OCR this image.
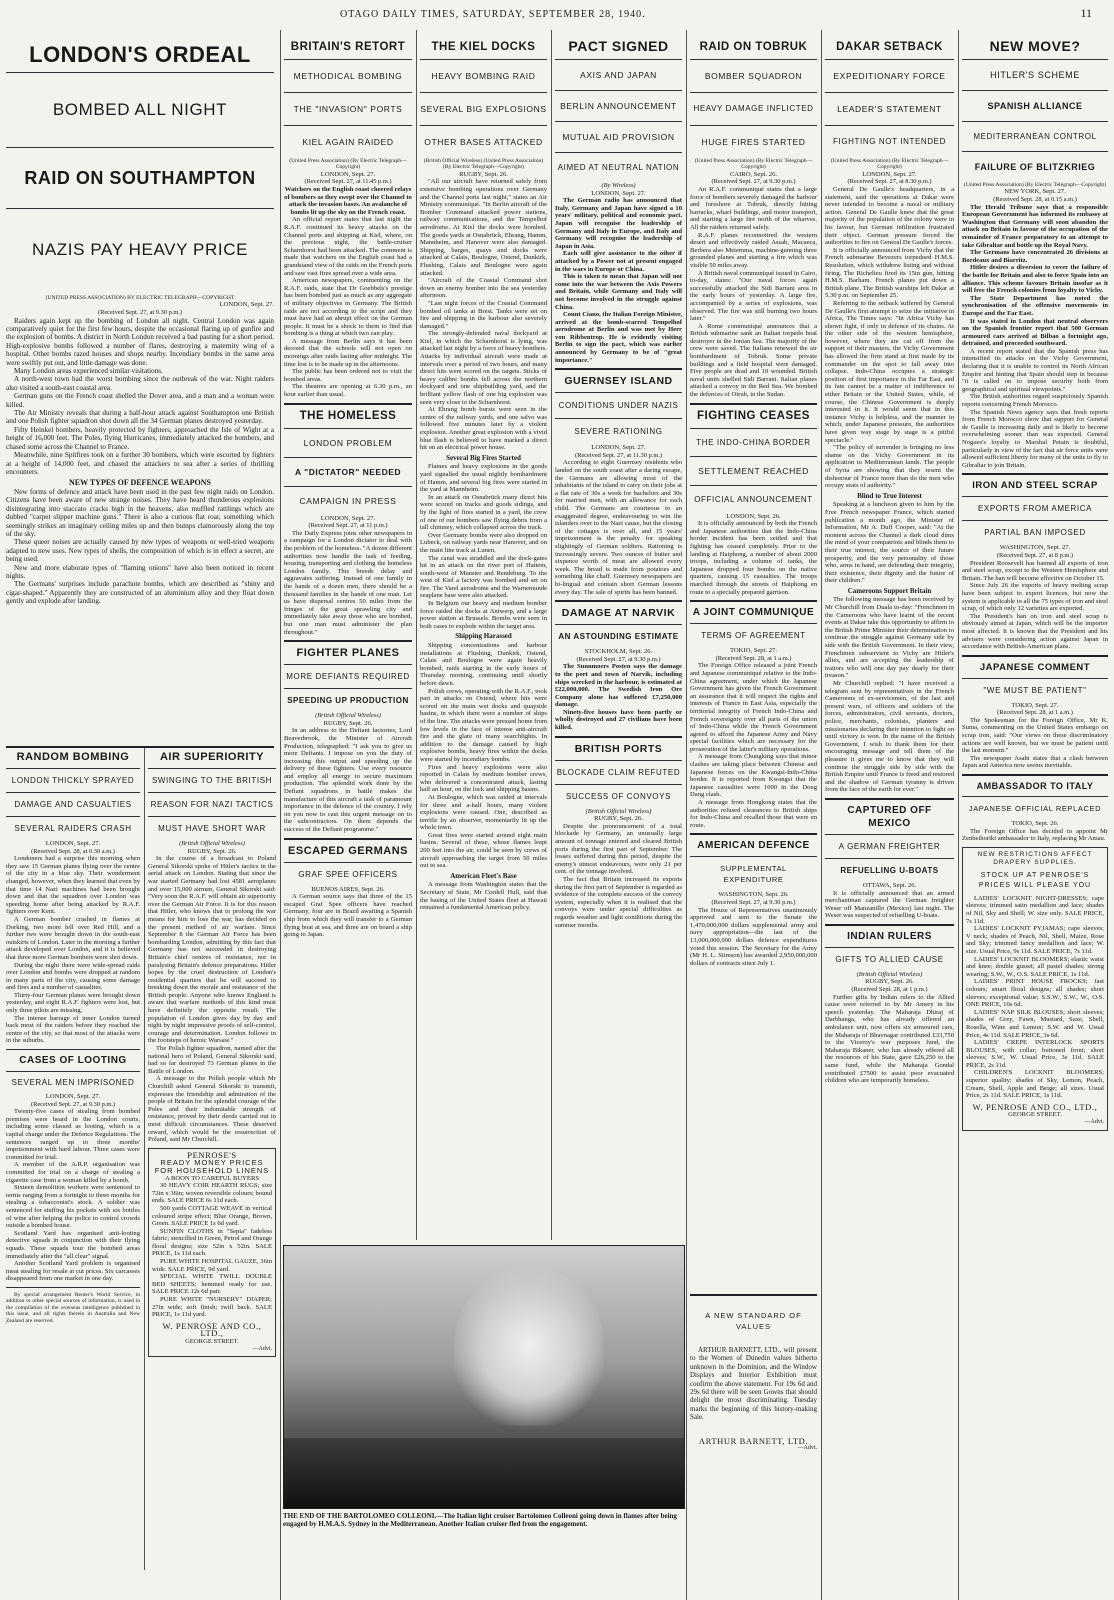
OTAGO DAILY TIMES, SATURDAY, SEPTEMBER 28, 1940.	11
LONDON'S ORDEAL
BOMBED ALL NIGHT
RAID ON SOUTHAMPTON
NAZIS PAY HEAVY PRICE
(UNITED PRESS ASSOCIATION) BY ELECTRIC TELEGRAPH—COPYRIGHT
LONDON, Sept. 27.
(Received Sept. 27, at 9.30 p.m.)

Raiders again kept up the bombing of London all night. Central London was again comparatively quiet for the first few hours, despite the occasional flaring up of gunfire and the explosion of bombs. A district in North London received a bad pasting for a short period. High-explosive bombs followed a number of flares, destroying a maternity wing of a hospital. Other bombs razed houses and shops nearby. Incendiary bombs in the same area were swiftly put out, and little damage was done.

Many London areas experienced similar visitations.

A north-west town had the worst bombing since the outbreak of the war. Night raiders also visited a south-east coastal area.

German guns on the French coast shelled the Dover area, and a man and a woman were killed.

The Air Ministry reveals that during a half-hour attack against Southampton one British and one Polish fighter squadron shot down all the 34 German planes destroyed yesterday.

Fifty Heinkel bombers, heavily protected by fighters, approached the Isle of Wight at a height of 16,000 feet. The Poles, flying Hurricanes, immediately attacked the bombers, and chased some across the Channel to France.

Meanwhile, nine Spitfires took on a further 30 bombers, which were escorted by fighters at a height of 14,000 feet, and chased the attackers to sea after a series of thrilling encounters.

NEW TYPES OF DEFENCE WEAPONS

New forms of defence and attack have been used in the past few night raids on London. Citizens have been aware of new strange noises. They have heard thunderous explosions disintegrating into staccato cracks high in the heavens, also muffled rattlings which are dubbed "carpet slipper machine guns." There is also a curious flat roar, something which seemingly strikes an imaginary ceiling miles up and then bumps clamorously along the top of the sky.

These queer noises are actually caused by new types of weapons or well-tried weapons adapted to new uses. New types of shells, the composition of which is in effect a secret, are being used.

New and more elaborate types of "flaming onions" have also been noticed in recent nights.

The Germans' surprises include parachute bombs, which are described as "shiny and cigar-shaped." Apparently they are constructed of an aluminium alloy and they float down gently and explode after landing.

RANDOM BOMBING
LONDON THICKLY SPRAYED
DAMAGE AND CASUALTIES
SEVERAL RAIDERS CRASH
LONDON, Sept. 27.
(Received Sept. 28, at 0.30 a.m.)

Londoners had a surprise this morning when they saw 15 German planes flying over the centre of the city in a blue sky. Their wonderment changed, however, when they learned that even by that time 14 Nazi machines had been brought down and that the squadron over London was speeding home after being attacked by R.A.F. fighters over Kent.

A German bomber crashed in flames at Dorking, two more fell over Red Hill, and a further two were brought down in the south-east outskirts of London. Later in the morning a further attack developed over London, and it is believed that three more German bombers were shot down.

During the night there were wide-spread raids over London and bombs were dropped at random in many parts of the city, causing some damage and fires and a number of casualties.

Thirty-four German planes were brought down yesterday, and eight R.A.F. fighters were lost, but only three pilots are missing.

The intense barrage of inner London turned back most of the raiders before they reached the centre of the city, so that most of the attacks were in the suburbs.

CASES OF LOOTING
SEVERAL MEN IMPRISONED
LONDON, Sept. 27.
(Received Sept. 27, at 9.30 p.m.)

Twenty-five cases of stealing from bombed premises were heard in the London courts, including some classed as looting, which is a capital charge under the Defence Regulations. The sentences ranged up to three months' imprisonment with hard labour. Three cases were committed for trial.

A member of the A.R.P. organisation was committed for trial on a charge of stealing a cigarette case from a woman killed by a bomb.

Sixteen demolition workers were sentenced to terms ranging from a fortnight to three months for stealing a tobacconist's stock. A soldier was sentenced for stuffing his pockets with six bottles of wine after helping the police to control crowds outside a bombed house.

Scotland Yard has organised anti-looting detective squads in conjunction with their flying squads. These squads tour the bombed areas immediately after the "all clear" signal.

Another Scotland Yard problem is organised meat stealing for resale at cut prices. Six carcasses disappeared from one market in one day.

By special arrangement Reuter's World Service, in addition to other special sources of information, is used in the compilation of the overseas intelligence published in this issue, and all rights therein in Australia and New Zealand are reserved.

AIR SUPERIORITY
SWINGING TO THE BRITISH
REASON FOR NAZI TACTICS
MUST HAVE SHORT WAR
(British Official Wireless)
RUGBY, Sept. 26.

In the course of a broadcast to Poland General Sikorski spoke of Hitler's tactics in the aerial attack on London. Stating that since the war started Germany had lost 4581 aeroplanes and over 15,000 airmen, General Sikorski said: "Very soon the R.A.F. will obtain air superiority over the German Air Force. It is for this reason that Hitler, who knows that to prolong the war means for him to lose the war, has decided on the present method of air warfare. Since September 8 the German Air Force has been bombarding London, admitting by this fact that Germany has not succeeded in destroying Britain's chief centres of resistance, nor in paralysing Britain's defence preparations. Hitler hopes by the cruel destruction of London's residential quarters that he will succeed in breaking down the morale and resistance of the British people. Anyone who knows England is aware that warfare methods of this kind must have definitely the opposite result. The population of London gives day by day and night by night impressive proofs of self-control, courage and determination. London follows in the footsteps of heroic Warsaw."

The Polish fighter squadron, named after the national hero of Poland, General Sikorski said, had so far destroyed 73 German planes in the Battle of London.

A message to the Polish people which Mr Churchill asked General Sikorski to transmit, expresses the friendship and admiration of the people of Britain for the splendid courage of the Poles and their indomitable strength of resistance, proved by their deeds carried out in most difficult circumstances. These deserved reward, which would be the resurrection of Poland, said Mr Churchill.

PENROSE'S
READY MONEY PRICES FOR HOUSEHOLD LINENS
A BOON TO CAREFUL BUYERS

30 HEAVY COIR HEARTH RUGS; size 72in x 36in; woven reversible colours; bound ends. SALE PRICE 6s 11d each.

500 yards COTTAGE WEAVE in vertical coloured stripe effect; Blue Orange, Brown, Green. SALE PRICE 1s 6d yard.

SUNFIN CLOTHS in "Sepia" fadeless fabric; stencilled in Green, Petrol and Orange floral designs; size 52in x 52in. SALE PRICE, 1s 11d each.

PURE WHITE HOSPITAL GAUZE, 36in wide. SALE PRICE, 9d yard.

SPECIAL WHITE TWILL DOUBLE BED SHEETS; hemmed ready for use. SALE PRICE 12s 6d pair.

PURE WHITE "NURSERY" DIAPER; 27in wide; soft finish; twill back. SALE PRICE, 1s 11d yard.

W. PENROSE AND CO., LTD.,
GEORGE STREET.
—Advt.
BRITAIN'S RETORT
METHODICAL BOMBING
THE "INVASION" PORTS
KIEL AGAIN RAIDED
(United Press Association) (By Electric Telegraph—Copyright)
LONDON, Sept. 27.
(Received Sept. 27, at 11.45 p.m.)

Watchers on the English coast cheered relays of bombers as they swept over the Channel to attack the invasion bases. An avalanche of bombs lit up the sky on the French coast.

An official report states that last night the R.A.F. continued its heavy attacks on the Channel ports and shipping at Kiel, where, on the previous night, the battle-cruiser Scharnhorst had been attacked. The comment is made that watchers on the English coast had a grandstand view of the raids on the French ports and saw vast fires spread over a wide area.

American newspapers, commenting on the R.A.F. raids, state that Dr Goebbels's prestige has been bombed just as much as any aggregate of military objectives in Germany. The British raids are not according to the script and they must have had an abrupt effect on the German people. It must be a shock to them to find that bombing is a thing at which two can play.

A message from Berlin says it has been decreed that the schools will not open on mornings after raids lasting after midnight. The time lost is to be made up in the afternoons.

The public has been ordered not to visit the bombed areas.

The theatres are opening at 6.30 p.m., an hour earlier than usual.

THE HOMELESS
LONDON PROBLEM
A "DICTATOR" NEEDED
CAMPAIGN IN PRESS
LONDON, Sept. 27.
(Received Sept. 27, at 11 p.m.)

The Daily Express joins other newspapers in a campaign for a London dictator to deal with the problem of the homeless. "A dozen different authorities now handle the task of feeding, housing, transporting and clothing the homeless London family. This breeds delay and aggravates suffering. Instead of one family in the hands of a dozen men, there should be a thousand families in the hands of one man. Let us have dispersal centres 50 miles from the fringes of the great sprawling city and immediately take away those who are bombed, but one man must administer the plan throughout."

FIGHTER PLANES
MORE DEFIANTS REQUIRED
SPEEDING UP PRODUCTION
(British Official Wireless)
RUGBY, Sept. 26.

In an address to the Defiant factories, Lord Beaverbrook, the Minister of Aircraft Production, telegraphed: "I ask you to give us more Defiants. I impose on you the duty of increasing this output and speeding up the delivery of these fighters. Use every resource and employ all energy to secure maximum production. The splendid work done by the Defiant squadrons in battle makes the manufacture of this aircraft a task of paramount importance in the defence of the country. I rely on you now to cast this urgent message on to the subcontractors. On them depends the success of the Defiant programme."

ESCAPED GERMANS
GRAF SPEE OFFICERS
BUENOS AIRES, Sept. 26.

A German source says that three of the 15 escaped Graf Spee officers have reached Germany, four are in Brazil awaiting a Spanish ship from which they will transfer to a German flying boat at sea, and three are on board a ship going to Japan.

THE KIEL DOCKS
HEAVY BOMBING RAID
SEVERAL BIG EXPLOSIONS
OTHER BASES ATTACKED
(British Official Wireless) (United Press Association) (By Electric Telegraph—Copyright)
RUGBY, Sept. 26.

"All our aircraft have returned safely from extensive bombing operations over Germany and the Channel ports last night," states an Air Ministry communiqué. "In Berlin aircraft of the Bomber Command attacked power stations, railway communications, and the Tempelhof aerodrome. At Kiel the docks were bombed. The goods yards at Osnabrück, Ehrang, Hamm, Mannheim, and Hanover were also damaged. Shipping, barges, quays and docks were attacked at Calais, Boulogne, Ostend, Dunkirk, Flushing, Calais and Boulogne were again attacked.

"Aircraft of the Coastal Command shot down an enemy bomber into the sea yesterday afternoon.

"Last night forces of the Coastal Command bombed oil tanks at Brest. Tanks were set on fire and shipping in the harbour also severely damaged."

The strongly-defended naval dockyard at Kiel, in which the Scharnhorst is lying, was attacked last night by a force of heavy bombers. Attacks by individual aircraft were made at intervals over a period of two hours, and many direct hits were scored on the targets. Sticks of heavy calibre bombs fell across the northern dockyard and one shipbuilding yard, and the brilliant yellow flash of one big explosion was seen very close to the Scharnhorst.

At Ehrang bomb bursts were seen in the centre of the railway yards, and one salvo was followed five minutes later by a violent explosion. Another great explosion with a vivid blue flash is believed to have marked a direct hit on an electrical power house.

Several Big Fires Started

Flames and heavy explosions in the goods yard signalled the usual nightly bombardment of Hamm, and several big fires were started in the yard at Mannheim.

In an attack on Osnabrück many direct hits were scored on tracks and goods sidings, and by the light of fires started in a yard, the crew of one of our bombers saw flying debris from a tall chimney, which collapsed across the track.

Over Germany bombs were also dropped on Lubeck, on railway yards near Hanover, and on the main line track at Lunen.

The canal was straddled and the dock-gates hit in an attack on the river port of Hattem, south-west of Munster and Rendeburg. To the west of Kiel a factory was bombed and set on fire. The Varel aerodrome and the Warnemunde seaplane base were also attacked.

In Belgium our heavy and medium bomber force raided the docks at Antwerp, and a large power station at Brussels. Bombs were seen in both cases to explode within the target area.

Shipping Harassed

Shipping concentrations and harbour installations at Flushing, Dunkirk, Ostend, Calais and Boulogne were again heavily bombed, raids starting in the early hours of Thursday morning, continuing until shortly before dawn.

Polish crews, operating with the R.A.F., took part in attacks on Ostend, where hits were scored on the main wet docks and quayside basins, in which there were a number of ships of the line. The attacks were pressed home from low levels in the face of intense anti-aircraft fire and the glare of many searchlights. In addition to the damage caused by high explosive bombs, heavy fires within the docks were started by incendiary bombs.

Fires and heavy explosions were also reported in Calais by medium bomber crews, who delivered a concentrated attack, lasting half an hour, on the lock and shipping basins.

At Boulogne, which was raided at intervals for three and a-half hours, many violent explosions were caused. One, described as terrific by an observer, momentarily lit up the whole town.

Great fires were started around eight main basins. Several of these, whose flames leapt 200 feet into the air, could be seen by crews of aircraft approaching the target from 50 miles out to sea.

American Fleet's Base

A message from Washington states that the Secretary of State, Mr Cordell Hull, said that the basing of the United States fleet at Hawaii remained a fundamental American policy.

PACT SIGNED
AXIS AND JAPAN
BERLIN ANNOUNCEMENT
MUTUAL AID PROVISION
AIMED AT NEUTRAL NATION
(By Wireless)
LONDON, Sept. 27.

The German radio has announced that Italy, Germany and Japan have signed a 10 years' military, political and economic pact. Japan will recognise the leadership of Germany and Italy in Europe, and Italy and Germany will recognise the leadership of Japan in Asia.

Each will give assistance to the other if attacked by a Power not at present engaged in the wars in Europe or China.

This is taken to mean that Japan will not come into the war between the Axis Powers and Britain, while Germany and Italy will not become involved in the struggle against China.

Count Ciano, the Italian Foreign Minister, arrived at the bomb-scarred Tempelhof aerodrome at Berlin and was met by Herr von Ribbentrop. He is evidently visiting Berlin to sign the pact, which was earlier announced by Germany to be of "great importance."

GUERNSEY ISLAND
CONDITIONS UNDER NAZIS
SEVERE RATIONING
LONDON, Sept. 27.
(Received Sept. 27, at 11.30 p.m.)

According to eight Guernsey residents who landed on the south coast after a daring escape, the Germans are allowing most of the inhabitants of the island to carry on their jobs at a flat rate of 30s a week for bachelors and 30s for married men, with an allowance for each child. The Germans are courteous to an exaggerated degree, endeavouring to win the islanders over to the Nazi cause, but the closing of the cottages is over all, and 15 years' imprisonment is the penalty for speaking slightingly of German soldiers. Rationing is increasingly severe. Two ounces of butter and sixpence worth of meat are allowed every week. The bread is made from potatoes and something like chaff. Guernsey newspapers are bi-lingual and contain short German lessons every day. The sale of spirits has been banned.

DAMAGE AT NARVIK
AN ASTOUNDING ESTIMATE
STOCKHOLM, Sept. 26.
(Received Sept. 27, at 9.30 p.m.)

The Sunnmoers Posten says the damage to the port and town of Narvik, including ships wrecked in the harbour, is estimated at £22,000,000. The Swedish Iron Ore Company alone has suffered £7,250,000 damage.

Ninety-five houses have been partly or wholly destroyed and 27 civilians have been killed.

BRITISH PORTS
BLOCKADE CLAIM REFUTED
SUCCESS OF CONVOYS
(British Official Wireless)
RUGBY, Sept. 26.

Despite the pronouncement of a total blockade by Germany, an unusually large amount of tonnage entered and cleared British ports during the first part of September. The losses suffered during this period, despite the enemy's utmost endeavours, were only 21 per cent. of the tonnage involved.

The fact that Britain increased its exports during the first part of September is regarded as evidence of the complete success of the convoy system, especially when it is realised that the convoys were under special difficulties as regards weather and light conditions during the summer months.

RAID ON TOBRUK
BOMBER SQUADRON
HEAVY DAMAGE INFLICTED
HUGE FIRES STARTED
(United Press Association) (By Electric Telegraph—Copyright)
CAIRO, Sept. 26.
(Received Sept. 27, at 9.30 p.m.)

An R.A.F. communiqué states that a large force of bombers severely damaged the harbour and foreshore at Tobruk, directly hitting barracks, wharf buildings, and motor transport, and starting a large fire north of the wharves. All the raiders returned safely.

R.A.F. planes reconnoitred the western desert and effectively raided Assab, Macaeca, Berbera also Metemma, machine-gunning three grounded planes and starting a fire which was visible 50 miles away.

A British naval communiqué issued in Cairo, to-day, states: "Our naval forces again successfully attacked the Sidi Barrani area in the early hours of yesterday. A large fire, accompanied by a series of explosions, was observed. The fire was still burning two hours later."

A Rome communiqué announces that a British submarine sank an Italian torpedo boat destroyer in the Ionian Sea. The majority of the crew were saved. The Italians renewed the air bombardment of Tobruk. Some private buildings and a field hospital were damaged. Five people are dead and 10 wounded. British naval units shelled Sidi Barrani. Italian planes attacked a convoy in the Red Sea. We bombed the defences of Otrub, in the Sudan.

FIGHTING CEASES
THE INDO-CHINA BORDER
SETTLEMENT REACHED
OFFICIAL ANNOUNCEMENT
LONDON, Sept. 26.

It is officially announced by both the French and Japanese authorities that the Indo-China border incident has been settled and that fighting has ceased completely. Prior to the landing at Haiphong, a number of about 2000 troops, including a column of tanks, the Japanese dropped four bombs on the native quarters, causing 15 casualties. The troops marched through the streets of Haiphong en route to a specially prepared garrison.

A JOINT COMMUNIQUE
TERMS OF AGREEMENT
TOKIO, Sept. 27.
(Received Sept. 28, at 1 a.m.)

The Foreign Office released a joint French and Japanese communiqué relative to the Indo-China agreement, under which the Japanese Government has given the French Government an assurance that it will respect the rights and interests of France in East Asia, especially the territorial integrity of French Indo-China and French sovereignty over all parts of the union of Indo-China while the French Government agreed to afford the Japanese Army and Navy special facilities which are necessary for the prosecution of the latter's military operations.

A message from Chungking says that minor clashes are taking place between Chinese and Japanese forces on the Kwangsi-Indo-China border. It is reported from Kwangsi that the Japanese casualties were 1000 in the Dong Dang clash.

A message from Hongkong states that the authorities refused clearances to British ships for Indo-China and recalled those that were en route.

AMERICAN DEFENCE
SUPPLEMENTAL EXPENDITURE
WASHINGTON, Sept. 26.
(Received Sept. 27, at 9.30 p.m.)

The House of Representatives unanimously approved and sent to the Senate the 1,470,000,000 dollars supplemental army and navy appropriation—the last of the 13,000,000,000 dollars defence expenditures voted this session. The Secretary for the Army (Mr H. L. Stimson) has awarded 2,950,000,000 dollars of contracts since July 1.

A NEW STANDARD OF VALUES

ARTHUR BARNETT, LTD., will present to the Women of Dunedin values hitherto unknown in the Dominion, and the Window Displays and Interior Exhibition must confirm the above statement. For 19s 6d and 29s 6d there will be seen Gowns that should delight the most discriminating. Tuesday marks the beginning of this history-making Sale.

ARTHUR BARNETT, LTD.
—Advt.
DAKAR SETBACK
EXPEDITIONARY FORCE
LEADER'S STATEMENT
FIGHTING NOT INTENDED
(United Press Association) (By Electric Telegraph—Copyright)
LONDON, Sept. 27.
(Received Sept. 27, at 8.30 p.m.)

General De Gaulle's headquarters, in a statement, said the operations at Dakar were never intended to become a naval or military action. General De Gaulle knew that the great majority of the population of the colony were in his favour, but German infiltration frustrated their object. German pressure forced the authorities to fire on General De Gaulle's forces.

It is officially announced from Vichy that the French submarine Bevezers torpedoed H.M.S. Resolution, which withdrew listing and without firing. The Richelieu fired its 15in gun, hitting H.M.S. Barham. French planes put down a British plane. The British warships left Dakar at 5.30 p.m. on September 25.

Referring to the setback suffered by General De Gaulle's first attempt to seize the initiative in Africa, The Times says: "In Africa Vichy has shown fight, if only in defence of its chains. At the other side of the western hemisphere, however, where they are cut off from the support of their masters, the Vichy Government has allowed the firm stand at first made by its commander on the spot to fall away into collapse. Indo-China occupies a strategic position of first importance in the Far East, and its fate cannot be a matter of indifference to either Britain or the United States, while, of course, the Chinese Government is deeply interested in it. It would seem that in this instance Vichy is helpless, and the manner in which, under Japanese pressure, the authorities have given way stage by stage is a pitiful spectacle."

"The policy of surrender is bringing no less shame on the Vichy Government in its application to Mediterranean lands. The people of Syria are showing that they resent the dishonour of France more than do the men who occupy seats of authority."

Blind to True Interest

Speaking at a luncheon given to him by the Free French newspaper France, which started publication a month ago, the Minister of Information, Mr A. Duff Cooper, said: "At the moment across the Channel a dark cloud dims the mind of your compatriots and blinds them to their true interest, the source of their future prosperity, and the very personality of those who, arms in hand, are defending their integrity, their existence, their dignity and the future of their children."

Cameroons Support Britain

The following message has been received by Mr Churchill from Duala to-day: "Frenchmen in the Cameroons who have learnt of the recent events at Dakar take this opportunity to affirm to the British Prime Minister their determination to continue the struggle against Germany side by side with the British Government. In their view, Frenchmen subservient to Vichy are Hitler's allies, and are accepting the leadership of traitors who will one day pay dearly for their treason."

Mr Churchill replied: "I have received a telegram sent by representatives in the French Cameroons of ex-servicemen, of the last and present wars, of officers and soldiers of the forces, administrators, civil servants, doctors, police, merchants, colonists, planters and missionaries declaring their intention to fight on until victory is won. In the name of the British Government, I wish to thank them for their encouraging message and tell them of the pleasure it gives me to know that they will continue the struggle side by side with the British Empire until France is freed and restored and the shadow of German tyranny is driven from the face of the earth for ever."

CAPTURED OFF MEXICO
A GERMAN FREIGHTER
REFUELLING U-BOATS
OTTAWA, Sept. 26.

It is officially announced that an armed merchantman captured the German freighter Weser off Manzanillo (Mexico) last night. The Weser was suspected of refuelling U-boats.

INDIAN RULERS
GIFTS TO ALLIED CAUSE
(British Official Wireless)
RUGBY, Sept. 26.
(Received Sept. 28, at 1 p.m.)

Further gifts by Indian rulers to the Allied cause were referred to by Mr Amery in his speech yesterday. The Maharaja Dhiraj of Darbhanga, who has already offered an ambulance unit, now offers six armoured cars, the Maharaja of Bhavnagar contributed £33,750 to the Viceroy's war purposes fund, the Maharaja Bikaner, who has already offered all the resources of his State, gave £26,250 to the same fund, while the Maharaja Gondal contributed £7500 to assist poor evacuated children who are temporarily homeless.

NEW MOVE?
HITLER'S SCHEME
SPANISH ALLIANCE
MEDITERRANEAN CONTROL
FAILURE OF BLITZKRIEG
(United Press Association) (By Electric Telegraph—Copyright)
NEW YORK, Sept. 27.
(Received Sept. 28, at 0.15 a.m.)

The Herald Tribune says that a responsible European Government has informed its embassy at Washington that Germany will soon abandon the attack on Britain in favour of the occupation of the remainder of France preparatory to an attempt to take Gibraltar and bottle up the Royal Navy.

The Germans have concentrated 26 divisions at Bordeaux and Biarritz.

Hitler desires a diversion to cover the failure of the battle for Britain and also to force Spain into an alliance. This scheme favours Britain insofar as it will free the French colonies from loyalty to Vichy.

The State Department has noted the synchronisation of the offensive movements in Europe and the Far East.

It was stated in London that neutral observers on the Spanish frontier report that 500 German armoured cars arrived at Bilbao a fortnight ago, detrained, and proceeded southward.

A recent report stated that the Spanish press has intensified its attacks on the Vichy Government, declaring that it is unable to control its North African Empire and hinting that Spain should step in because "it is called on to impose security both from geographical and spiritual viewpoints."

The British authorities regard suspiciously Spanish reports concerning French Morocco.

The Spanish News agency says that fresh reports from French Morocco show that support for General de Gaulle is increasing daily and is likely to become overwhelming sooner than was expected. General Nogues's loyalty to Marshal Petain is doubtful, particularly in view of the fact that air force units were allowed sufficient liberty for many of the units to fly to Gibraltar to join Britain.

IRON AND STEEL SCRAP
EXPORTS FROM AMERICA
PARTIAL BAN IMPOSED
WASHINGTON, Sept. 27.
(Received Sept. 27, at 8 p.m.)

President Roosevelt has banned all exports of iron and steel scrap, except to the Western Hemisphere and Britain. The ban will become effective on October 15.

Since July 26 the exports of heavy melting scrap have been subject to export licences, but now the system is applicable to all the 75 types of iron and steel scrap, of which only 12 varieties are exported.

The President's ban on iron and steel scrap is obviously aimed at Japan, which will be the importer most affected. It is known that the President and his advisers were considering action against Japan in accordance with British-American plans.

JAPANESE COMMENT
"WE MUST BE PATIENT"
TOKIO, Sept. 27.
(Received Sept. 28, at 1 a.m.)

The Spokesman for the Foreign Office, Mr K. Suma, commenting on the United States embargo on scrap iron, said: "Our views on these discriminatory actions are well known, but we must be patient until the last moment."

The newspaper Asahi states that a clash between Japan and America now seems inevitable.

AMBASSADOR TO ITALY
JAPANESE OFFICIAL REPLACED
TOKIO, Sept. 26.

The Foreign Office has decided to appoint Mr Zenbeihoriki ambassador to Italy, replacing Mr Amau.

NEW RESTRICTIONS AFFECT DRAPERY SUPPLIES.
STOCK UP AT PENROSE'S PRICES WILL PLEASE YOU

LADIES' LOCKNIT NIGHT-DRESSES; cape sleeves; trimmed satin medallion and lace; shades of Nil, Sky and Shell; W. size only. SALE PRICE, 7s 11d.

LADIES' LOCKNIT PYJAMAS; cape sleeves; V neck; shades of Peach, Nil, Shell, Maize, Rose and Sky; trimmed fancy medallion and lace; W. size. Usual Price, 9s 11d. SALE PRICE, 7s 11d.

LADIES' LOCKNIT BLOOMERS; elastic waist and knee; double gusset; all pastel shades; strong wearing; S.W., W., O.S. SALE PRICE, 1s 11d.

LADIES' PRINT HOUSE FROCKS; fast colours; smart floral designs; all shades; short sleeves; exceptional value; S.S.W., S.W., W., O.S. ONE PRICE, 10s 6d.

LADIES' NAP SILK BLOUSES; short sleeves; shades of Grey, Fawn, Mustard, Saxe, Shell, Rosella, Wine and Lemon; S.W. and W. Usual Price, 4s 11d. SALE PRICE, 3s 6d.

LADIES' CREPE INTERLOCK SPORTS BLOUSES, with collar; buttoned front; short sleeves; S.W., W. Usual Price, 3s 11d. SALE PRICE, 2s 11d.

CHILDREN'S LOCKNIT BLOOMERS; superior quality; shades of Sky, Lemon, Peach, Cream, Shell, Apple and Beige; all sizes. Usual Price, 2s 11d. SALE PRICE, 1s 11d.

W. PENROSE AND CO., LTD.,
GEORGE STREET.
—Advt.
THE END OF THE BARTOLOMEO COLLEONI.—The Italian light cruiser Bartolomeo Colleoni going down in flames after being engaged by H.M.A.S. Sydney in the Mediterranean. Another Italian cruiser fled from the engagement.
